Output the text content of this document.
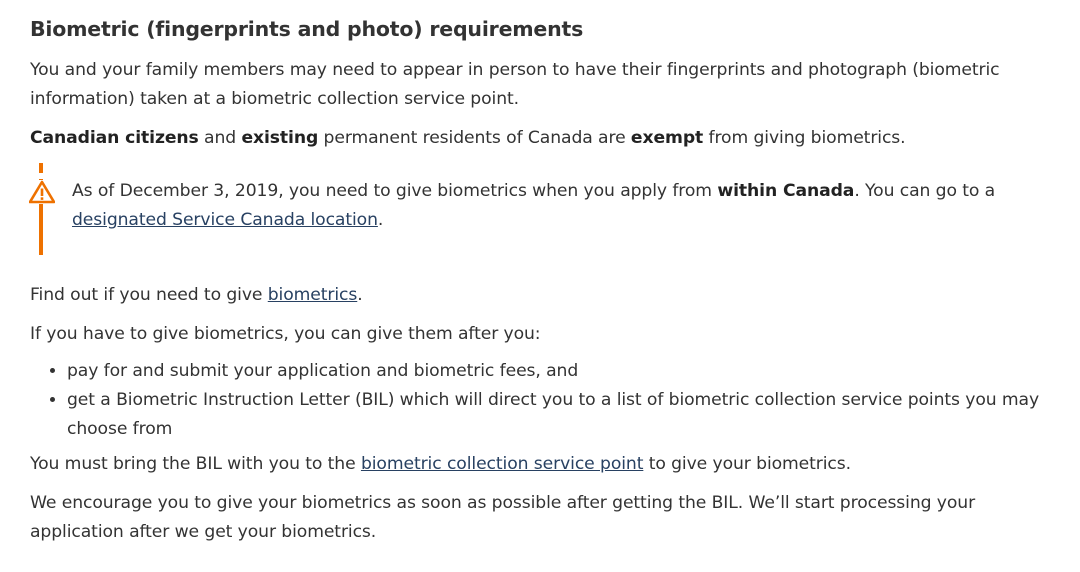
Biometric (fingerprints and photo) requirements

You and your family members may need to appear in person to have their fingerprints and photograph (biometric information) taken at a biometric collection service point.

Canadian citizens and existing permanent residents of Canada are exempt from giving biometrics.

As of December 3, 2019, you need to give biometrics when you apply from within Canada. You can go to a designated Service Canada location.

Find out if you need to give biometrics.

If you have to give biometrics, you can give them after you:

• pay for and submit your application and biometric fees, and
• get a Biometric Instruction Letter (BIL) which will direct you to a list of biometric collection service points you may choose from

You must bring the BIL with you to the biometric collection service point to give your biometrics.

We encourage you to give your biometrics as soon as possible after getting the BIL. We’ll start processing your application after we get your biometrics.
